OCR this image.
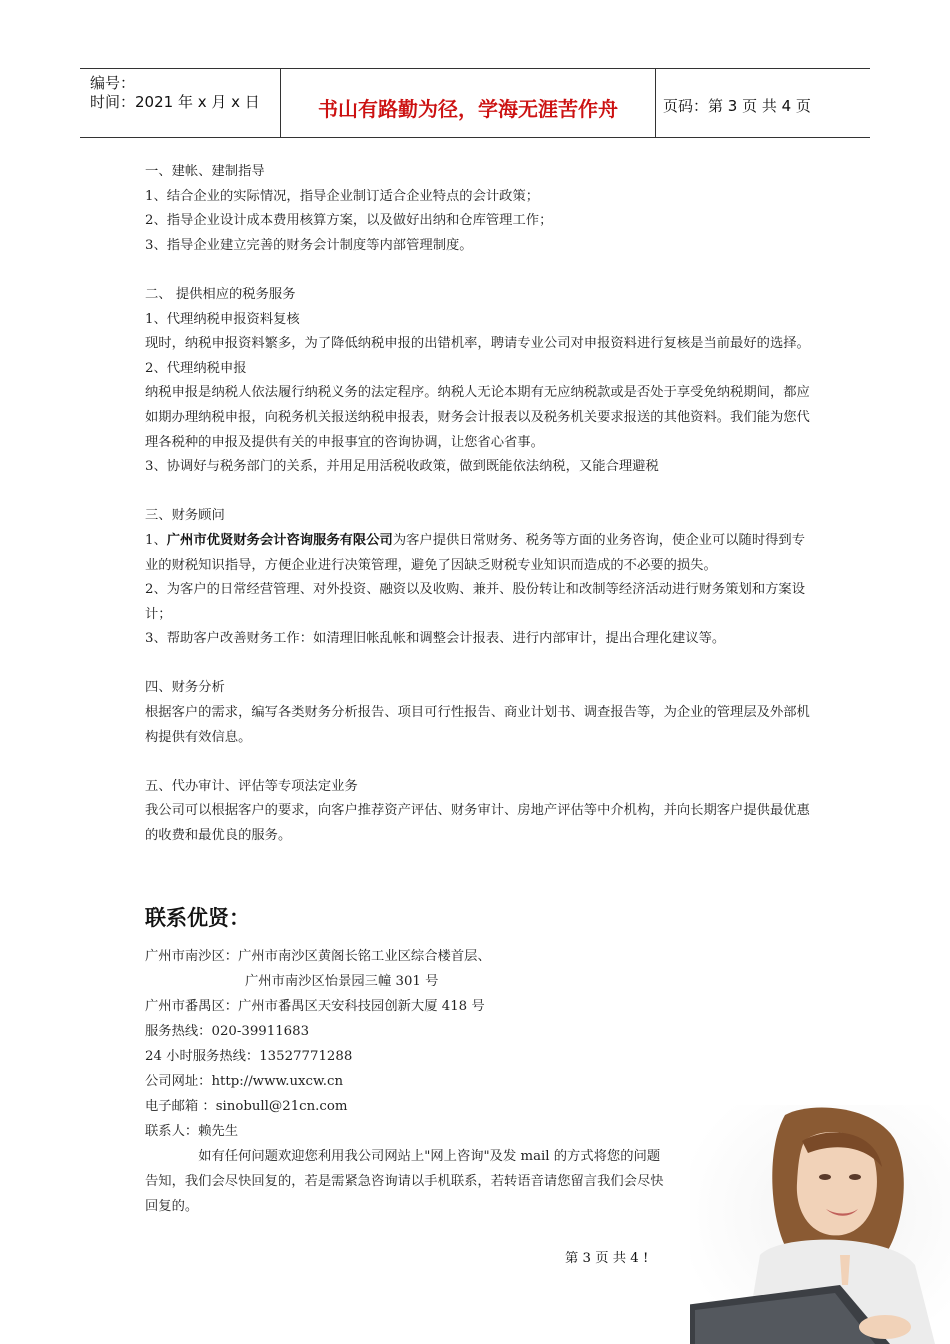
编号：
时间：2021 年 x 月 x 日	书山有路勤为径，学海无涯苦作舟	页码：第 3 页 共 4 页

一、建帐、建制指导

1、结合企业的实际情况，指导企业制订适合企业特点的会计政策；

2、指导企业设计成本费用核算方案，以及做好出纳和仓库管理工作；

3、指导企业建立完善的财务会计制度等内部管理制度。

二、 提供相应的税务服务

1、代理纳税申报资料复核

现时，纳税申报资料繁多，为了降低纳税申报的出错机率，聘请专业公司对申报资料进行复核是当前最好的选择。

2、代理纳税申报

纳税申报是纳税人依法履行纳税义务的法定程序。纳税人无论本期有无应纳税款或是否处于享受免纳税期间，都应如期办理纳税申报，向税务机关报送纳税申报表，财务会计报表以及税务机关要求报送的其他资料。我们能为您代理各税种的申报及提供有关的申报事宜的咨询协调，让您省心省事。

3、协调好与税务部门的关系，并用足用活税收政策，做到既能依法纳税，又能合理避税

三、财务顾问

1、广州市优贤财务会计咨询服务有限公司为客户提供日常财务、税务等方面的业务咨询，使企业可以随时得到专业的财税知识指导，方便企业进行决策管理，避免了因缺乏财税专业知识而造成的不必要的损失。

2、为客户的日常经营管理、对外投资、融资以及收购、兼并、股份转让和改制等经济活动进行财务策划和方案设计；

3、帮助客户改善财务工作：如清理旧帐乱帐和调整会计报表、进行内部审计，提出合理化建议等。

四、财务分析

根据客户的需求，编写各类财务分析报告、项目可行性报告、商业计划书、调查报告等，为企业的管理层及外部机构提供有效信息。

五、代办审计、评估等专项法定业务

我公司可以根据客户的要求，向客户推荐资产评估、财务审计、房地产评估等中介机构，并向长期客户提供最优惠的收费和最优良的服务。

联系优贤：

广州市南沙区：广州市南沙区黄阁长铭工业区综合楼首层、

广州市南沙区怡景园三幢 301 号

广州市番禺区：广州市番禺区天安科技园创新大厦 418 号

服务热线：020-39911683

24 小时服务热线：13527771288

公司网址：http://www.uxcw.cn

电子邮箱 ：sinobull@21cn.com

联系人：赖先生

如有任何问题欢迎您利用我公司网站上"网上咨询"及发 mail 的方式将您的问题告知，我们会尽快回复的，若是需紧急咨询请以手机联系，若转语音请您留言我们会尽快回复的。

第 3 页 共 4 !
